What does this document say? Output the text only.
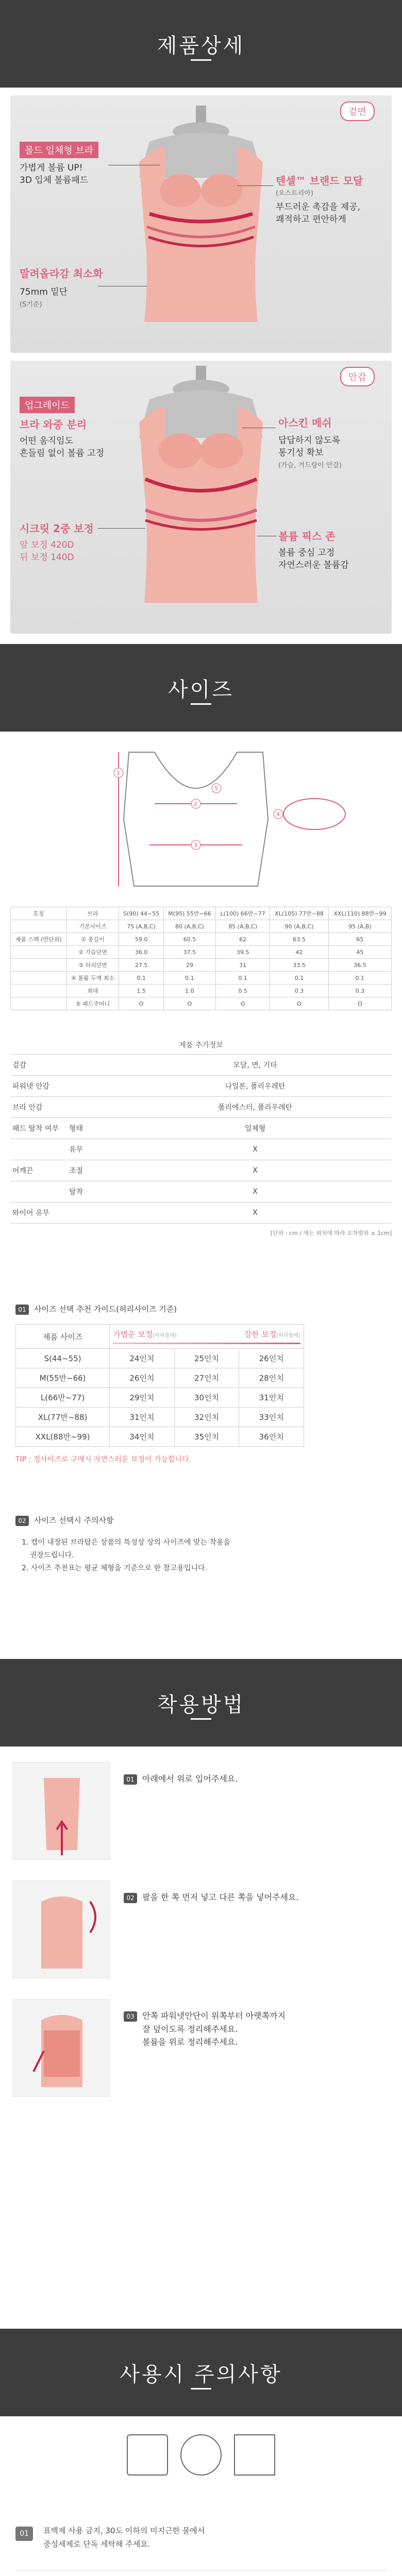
제품상세
겉면
몰드 일체형 브라
가볍게 볼륨 UP!
3D 입체 볼륨패드	텐셀™ 브랜드 모달
(오스트리아)
부드러운 촉감을 제공,
쾌적하고 편안하게
말려올라감 최소화
75mm 밑단
(S기준)
안감
업그레이드
브라 와중 분리
어떤 움직임도
흔들림 없이 볼륨 고정
아스킨 메쉬
답답하지 않도록
통기성 확보
(가슴, 겨드랑이 안감)
시크릿 2중 보정
앞 보정 420D
뒤 보정 140D
볼륨 픽스 존
볼륨 중심 고정
자연스러운 볼륨감
사이즈
1
2
3
5
4
호칭	브라	S(90) 44~55	M(95) 55반~66	L(100) 66반~77	XL(105) 77반~88	XXL(110) 88반~99
	기본사이즈	75 (A,B,C)	80 (A,B,C)	85 (A,B,C)	90 (A,B,C)	95 (A,B)
제품 스펙 (반단위)	① 총길이	59.0	60.5	62	63.5	65
	② 가슴단면	36.0	37.5	39.5	42	45
	③ 허리단면	27.5	29	31	33.5	36.5
	④ 볼륨 두께 최소	0.1	0.1	0.1	0.1	0.1
	최대	1.5	1.0	0.5	0.3	0.3
	⑤ 패드주머니	O	O	O	O	O
제품 추가정보
겉감		모달, 면, 기타
파워넷 안감		나일론, 폴리우레탄
브라 안감		폴리에스터, 폴리우레탄
패드 탈착 여부	형태	일체형
	유무	X
어깨끈	조절	X
	탈착	X
와이어 유무		X
[단위 : cm / 재는 위치에 따라 오차범위 ± 1cm]
01 사이즈 선택 추천 가이드(허리사이즈 기준)
제품 사이즈	가볍운 보정(허리둘레) 강한 보정(허리둘레)		

S(44~55)	24인치	25인치	26인치
M(55반~66)	26인치	27인치	28인치
L(66반~77)	29인치	30인치	31인치
XL(77반~88)	31인치	32인치	33인치
XXL(88반~99)	34인치	35인치	36인치
TIP : 정사이즈로 구매시 자연스러운 보정이 가능합니다.
02 사이즈 선택시 주의사항
1. 캡이 내장된 브라탑은 상품의 특성상 상의 사이즈에 맞는 착용을
권장드립니다.
2. 사이즈 추천표는 평균 체형을 기준으로 한 참고용입니다.
착용방법
01 아래에서 위로 입어주세요.
02 팔을 한 쪽 먼저 넣고 다른 쪽을 넣어주세요.
03 안쪽 파워넷안단이 위쪽부터 아랫쪽까지
잘 덮이도록 정리해주세요.
볼륨을 위로 정리해주세요.
사용시 주의사항
01	표백제 사용 금지, 30도 이하의 미지근한 물에서
중성세제로 단독 세탁해 주세요.
